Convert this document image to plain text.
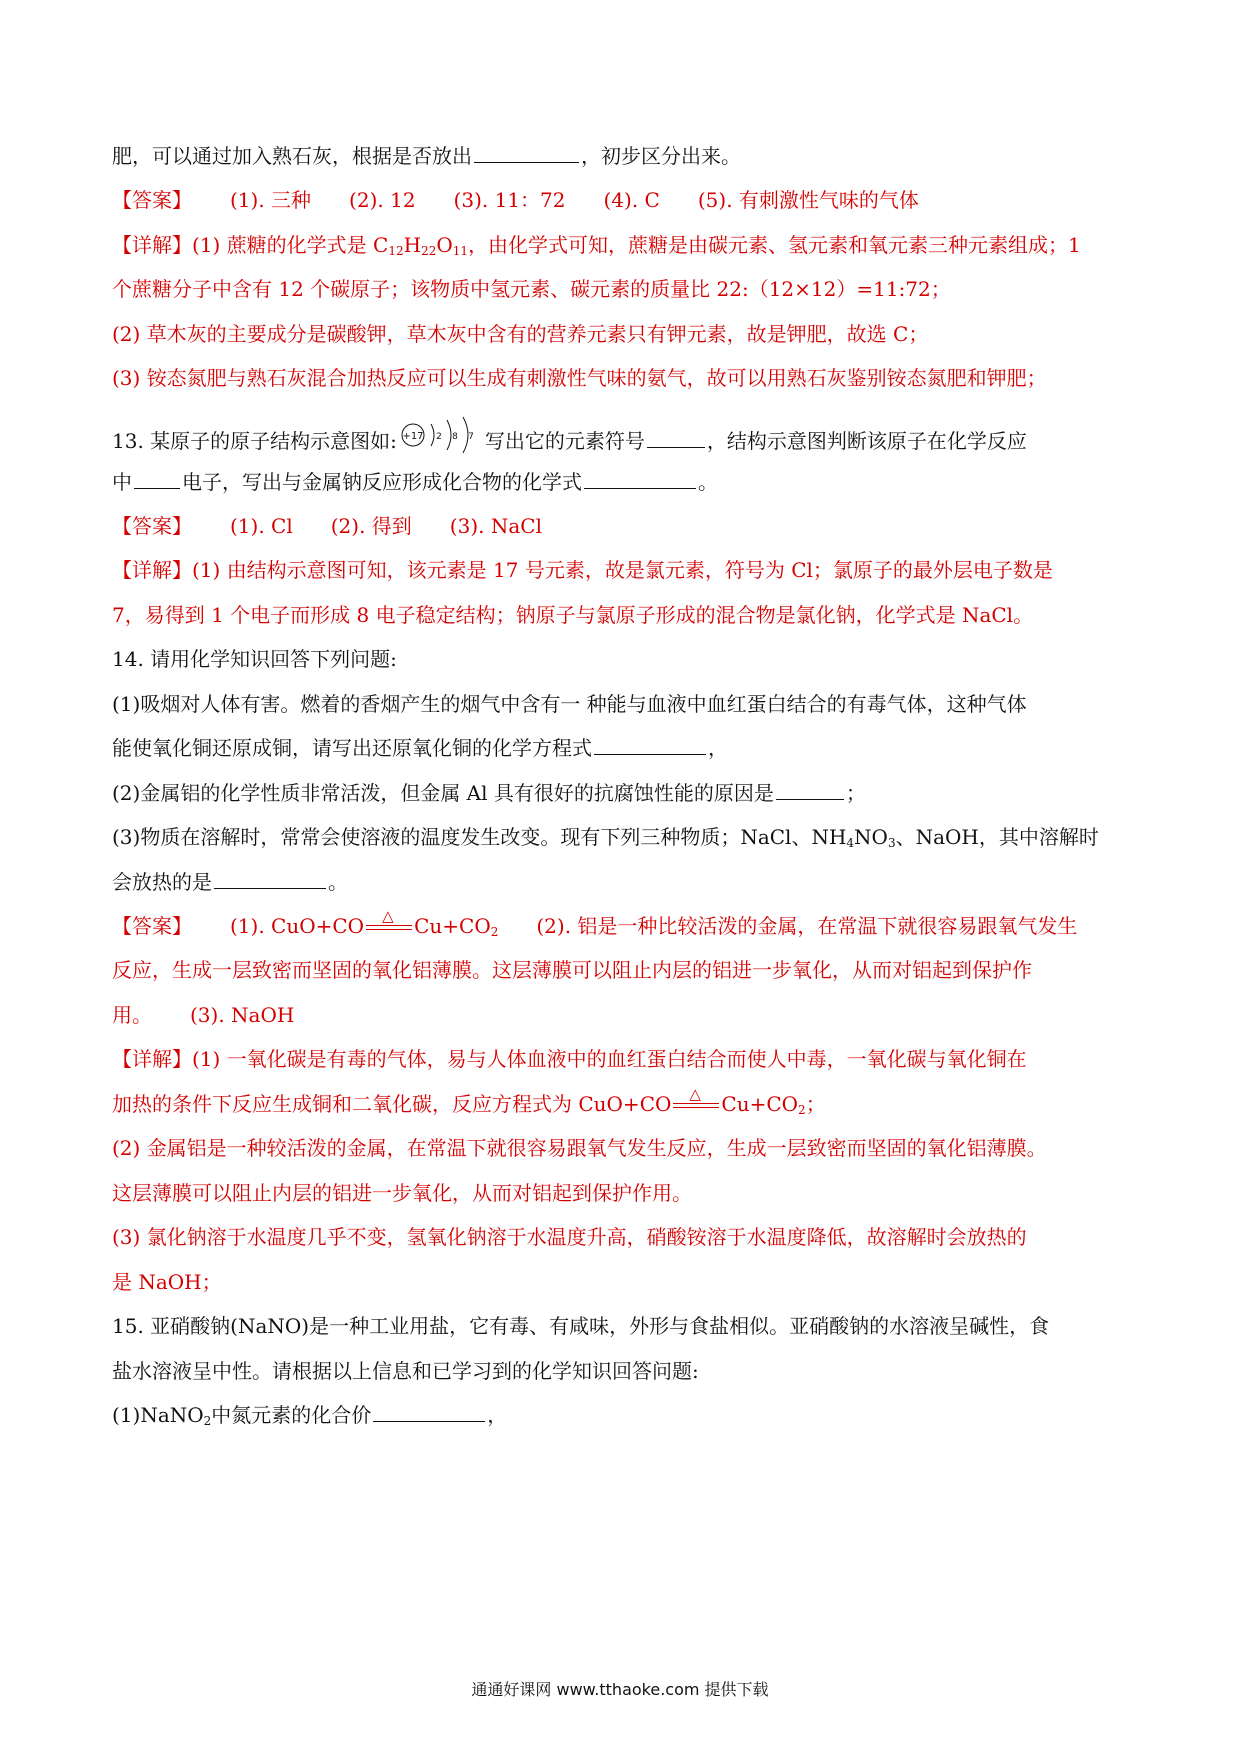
肥，可以通过加入熟石灰，根据是否放出	，初步区分出来。
【答案】 (1). 三种 (2). 12 (3). 11：72 (4). C (5). 有刺激性气味的气体
【详解】(1) 蔗糖的化学式是 $C_{12}H_{22}O_{11}$，由化学式可知，蔗糖是由碳元素、氢元素和氧元素三种元素组成；1
个蔗糖分子中含有 12 个碳原子；该物质中氢元素、碳元素的质量比 22:（12×12）=11:72；
(2) 草木灰的主要成分是碳酸钾，草木灰中含有的营养元素只有钾元素，故是钾肥，故选 C；
(3) 铵态氮肥与熟石灰混合加热反应可以生成有刺激性气味的氨气，故可以用熟石灰鉴别铵态氮肥和钾肥；
13. 某原子的原子结构示意图如: +17 2 8 7 写出它的元素符号	，结构示意图判断该原子在化学反应
中	电子，写出与金属钠反应形成化合物的化学式	。
【答案】 (1). Cl (2). 得到 (3). NaCl
【详解】(1) 由结构示意图可知，该元素是 17 号元素，故是氯元素，符号为 Cl；氯原子的最外层电子数是
7，易得到 1 个电子而形成 8 电子稳定结构；钠原子与氯原子形成的混合物是氯化钠，化学式是 NaCl。
14. 请用化学知识回答下列问题:
(1)吸烟对人体有害。燃着的香烟产生的烟气中含有一 种能与血液中血红蛋白结合的有毒气体，这种气体
能使氧化铜还原成铜，请写出还原氧化铜的化学方程式	，
(2)金属铝的化学性质非常活泼，但金属 Al 具有很好的抗腐蚀性能的原因是	；
(3)物质在溶解时，常常会使溶液的温度发生改变。现有下列三种物质；NaCl、$NH_4NO_3$、NaOH，其中溶解时
会放热的是	。
【答案】 (1). CuO+CO △ $Cu+CO_2$ (2). 铝是一种比较活泼的金属，在常温下就很容易跟氧气发生
反应，生成一层致密而坚固的氧化铝薄膜。这层薄膜可以阻止内层的铝进一步氧化，从而对铝起到保护作
用。 (3). NaOH
【详解】(1) 一氧化碳是有毒的气体，易与人体血液中的血红蛋白结合而使人中毒，一氧化碳与氧化铜在
加热的条件下反应生成铜和二氧化碳，反应方程式为 CuO+CO △ $Cu+CO_2$；
(2) 金属铝是一种较活泼的金属，在常温下就很容易跟氧气发生反应，生成一层致密而坚固的氧化铝薄膜。
这层薄膜可以阻止内层的铝进一步氧化，从而对铝起到保护作用。
(3) 氯化钠溶于水温度几乎不变，氢氧化钠溶于水温度升高，硝酸铵溶于水温度降低，故溶解时会放热的
是 NaOH；
15. 亚硝酸钠(NaNO)是一种工业用盐，它有毒、有咸味，外形与食盐相似。亚硝酸钠的水溶液呈碱性，食
盐水溶液呈中性。请根据以上信息和已学习到的化学知识回答问题:
(1)NaNO$_2$中氮元素的化合价	，
通通好课网 www.tthaoke.com 提供下载
